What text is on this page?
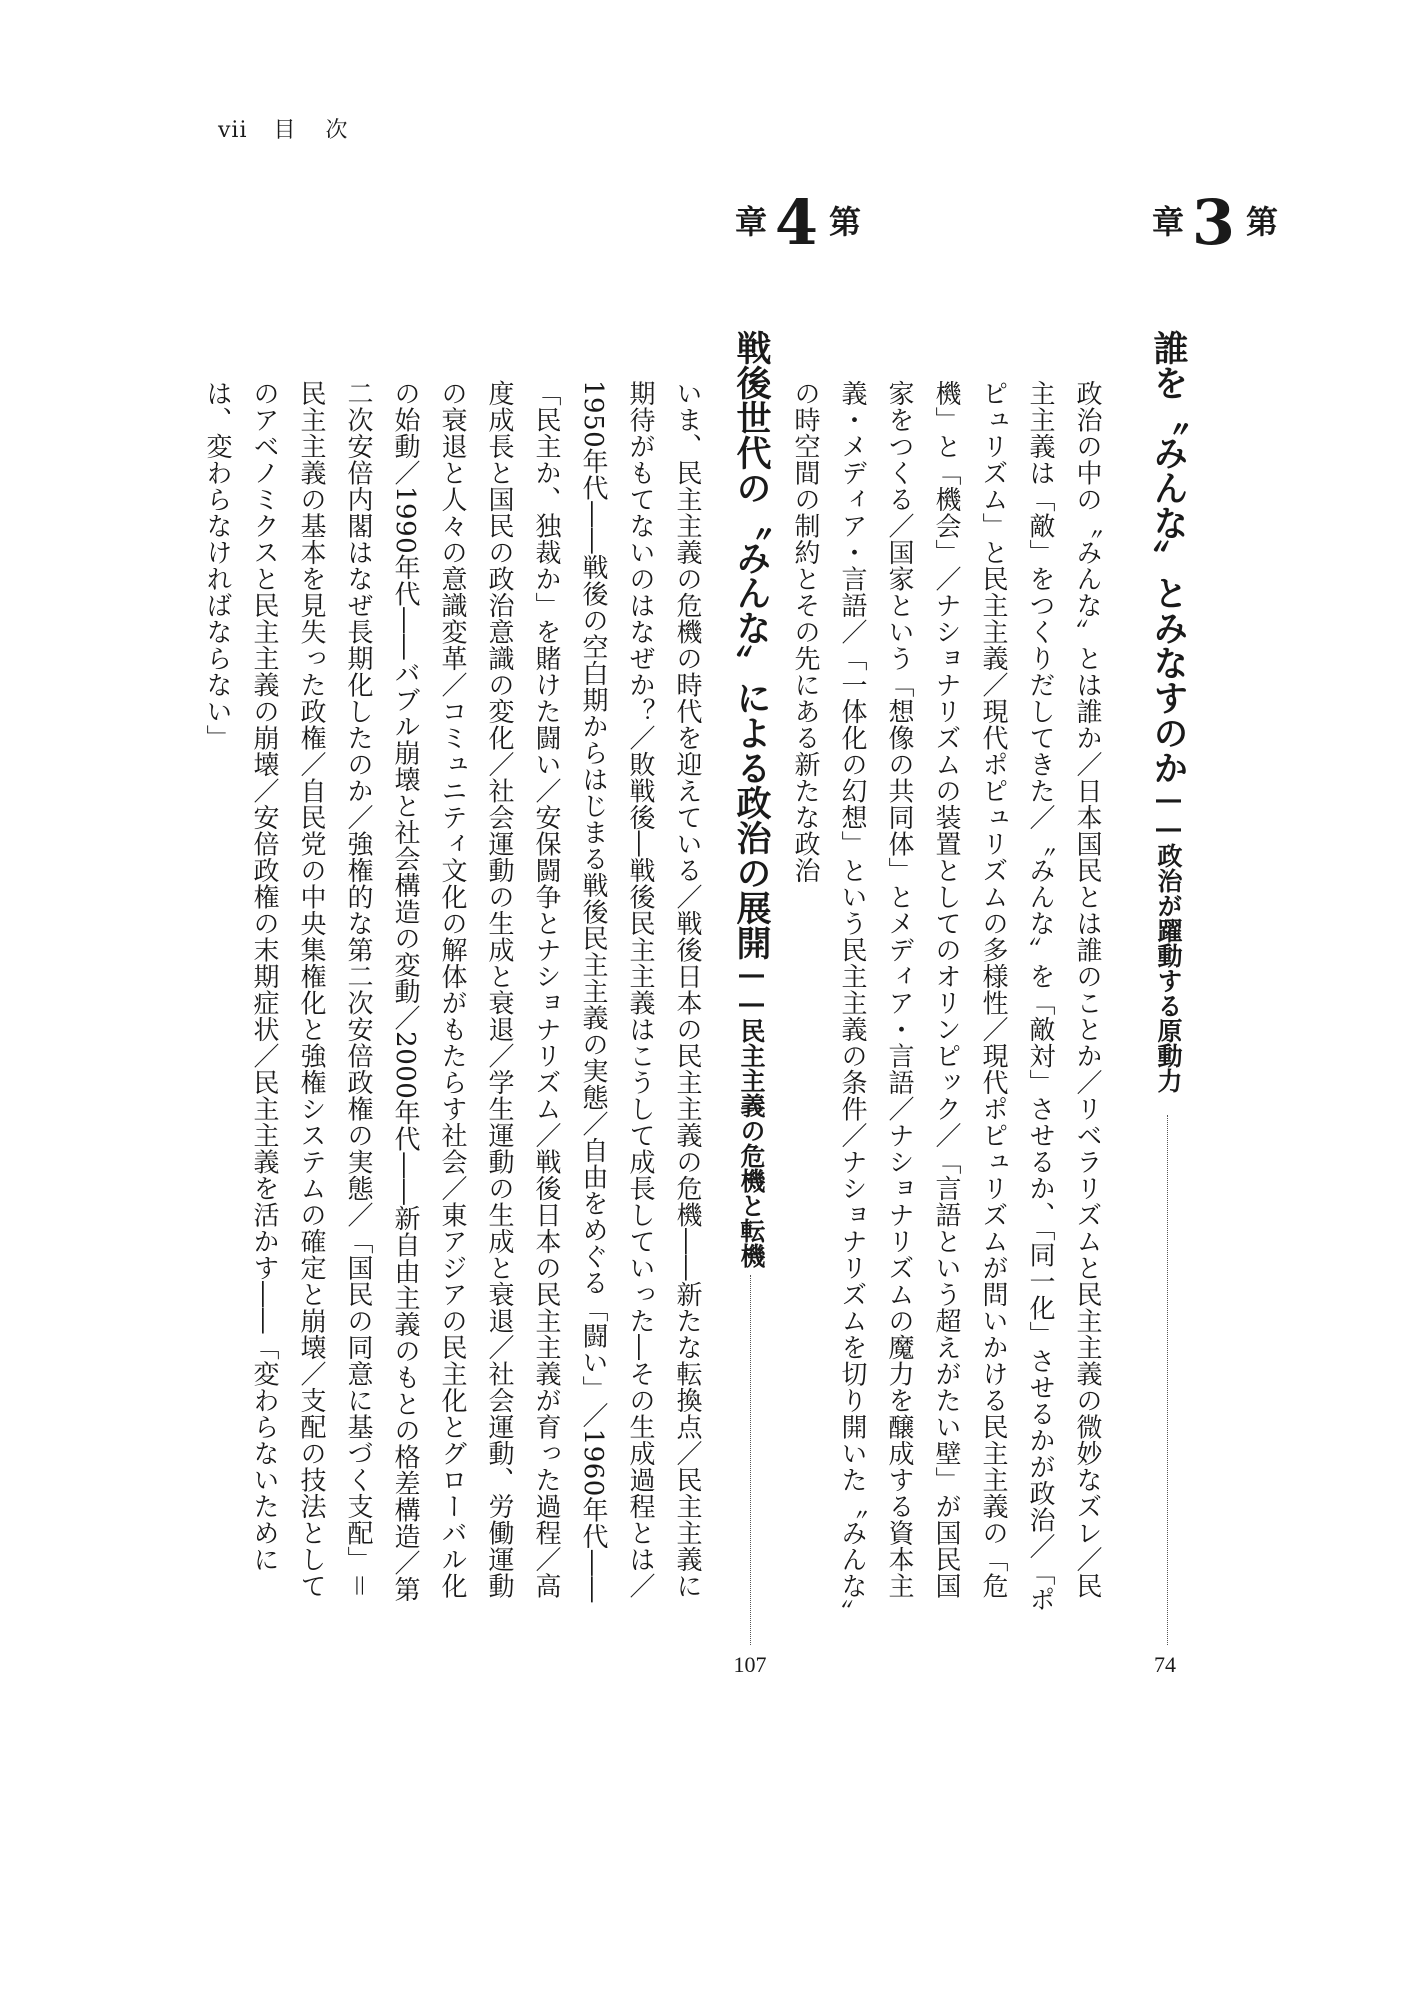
vii 目次
第
3
章
誰を〝みんな〟とみなすのか――政治が躍動する原動力
74
政治の中の〝みんな〟とは誰か／日本国民とは誰のことか／リベラリズムと民主主義の微妙なズレ／民主主義は「敵」をつくりだしてきた／〝みんな〟を「敵対」させるか、「同一化」させるかが政治／「ポピュリズム」と民主主義／現代ポピュリズムの多様性／現代ポピュリズムが問いかける民主主義の「危機」と「機会」／ナショナリズムの装置としてのオリンピック／「言語という超えがたい壁」が国民国家をつくる／国家という「想像の共同体」とメディア・言語／ナショナリズムの魔力を醸成する資本主義・メディア・言語／「一体化の幻想」という民主主義の条件／ナショナリズムを切り開いた〝みんな〟の時空間の制約とその先にある新たな政治
第
4
章
戦後世代の〝みんな〟による政治の展開――民主主義の危機と転機
107
いま、民主主義の危機の時代を迎えている／戦後日本の民主主義の危機――新たな転換点／民主主義に期待がもてないのはなぜか？／敗戦後―戦後民主主義はこうして成長していった―その生成過程とは／1950年代――戦後の空白期からはじまる戦後民主主義の実態／自由をめぐる「闘い」／1960年代――「民主か、独裁か」を賭けた闘い／安保闘争とナショナリズム／戦後日本の民主主義が育った過程／高度成長と国民の政治意識の変化／社会運動の生成と衰退／学生運動の生成と衰退／社会運動、労働運動の衰退と人々の意識変革／コミュニティ文化の解体がもたらす社会／東アジアの民主化とグローバル化の始動／1990年代――バブル崩壊と社会構造の変動／2000年代――新自由主義のもとの格差構造／第二次安倍内閣はなぜ長期化したのか／強権的な第二次安倍政権の実態／「国民の同意に基づく支配」＝民主主義の基本を見失った政権／自民党の中央集権化と強権システムの確定と崩壊／支配の技法としてのアベノミクスと民主主義の崩壊／安倍政権の末期症状／民主主義を活かす――「変わらないためには、変わらなければならない」
